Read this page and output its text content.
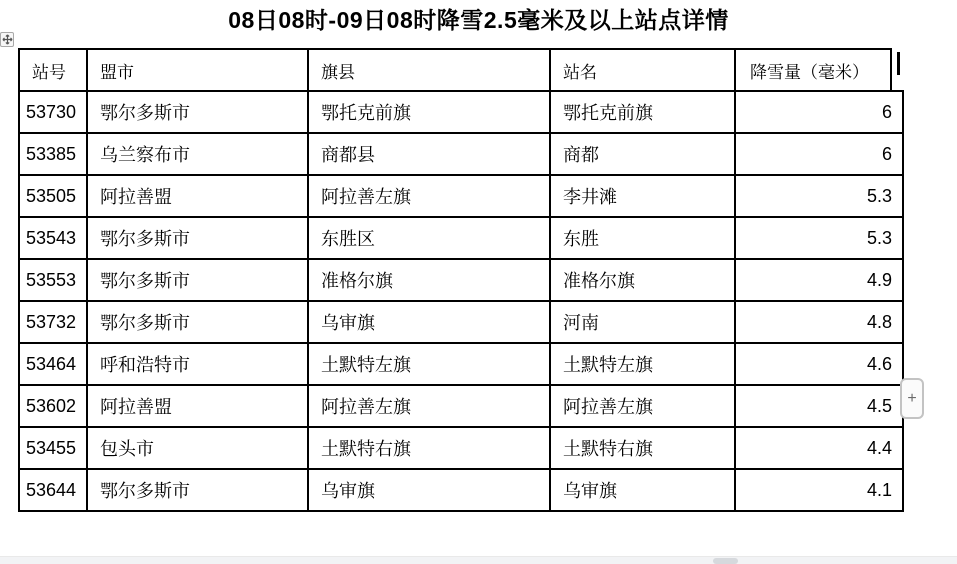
08日08时-09日08时降雪2.5毫米及以上站点详情
站号	盟市	旗县	站名	降雪量（毫米）
53730	鄂尔多斯市	鄂托克前旗	鄂托克前旗	6
53385	乌兰察布市	商都县	商都	6
53505	阿拉善盟	阿拉善左旗	李井滩	5.3
53543	鄂尔多斯市	东胜区	东胜	5.3
53553	鄂尔多斯市	准格尔旗	准格尔旗	4.9
53732	鄂尔多斯市	乌审旗	河南	4.8
53464	呼和浩特市	土默特左旗	土默特左旗	4.6
53602	阿拉善盟	阿拉善左旗	阿拉善左旗	4.5
53455	包头市	土默特右旗	土默特右旗	4.4
53644	鄂尔多斯市	乌审旗	乌审旗	4.1
+
